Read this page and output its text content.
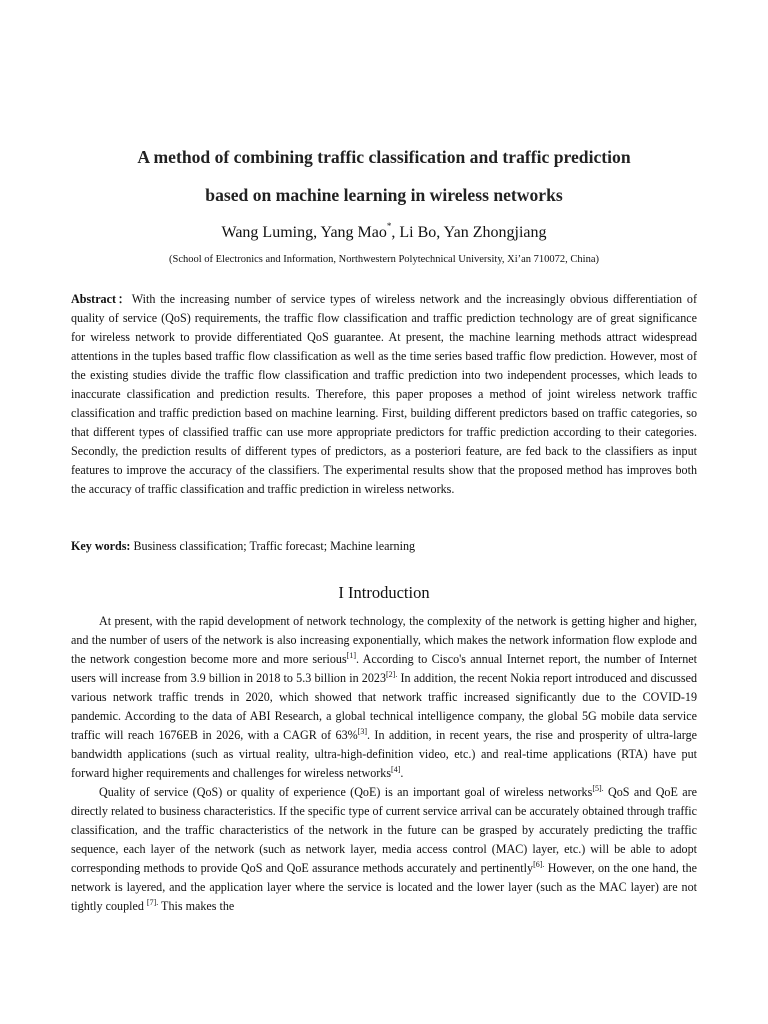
A method of combining traffic classification and traffic prediction
based on machine learning in wireless networks
Wang Luming, Yang Mao*, Li Bo, Yan Zhongjiang
(School of Electronics and Information, Northwestern Polytechnical University, Xi’an 710072, China)

Abstract：With the increasing number of service types of wireless network and the increasingly obvious differentiation of quality of service (QoS) requirements, the traffic flow classification and traffic prediction technology are of great significance for wireless network to provide differentiated QoS guarantee. At present, the machine learning methods attract widespread attentions in the tuples based traffic flow classification as well as the time series based traffic flow prediction. However, most of the existing studies divide the traffic flow classification and traffic prediction into two independent processes, which leads to inaccurate classification and prediction results. Therefore, this paper proposes a method of joint wireless network traffic classification and traffic prediction based on machine learning. First, building different predictors based on traffic categories, so that different types of classified traffic can use more appropriate predictors for traffic prediction according to their categories. Secondly, the prediction results of different types of predictors, as a posteriori feature, are fed back to the classifiers as input features to improve the accuracy of the classifiers. The experimental results show that the proposed method has improves both the accuracy of traffic classification and traffic prediction in wireless networks.

Key words: Business classification; Traffic forecast; Machine learning

I Introduction

At present, with the rapid development of network technology, the complexity of the network is getting higher and higher, and the number of users of the network is also increasing exponentially, which makes the network information flow explode and the network congestion become more and more serious[1]. According to Cisco's annual Internet report, the number of Internet users will increase from 3.9 billion in 2018 to 5.3 billion in $2023^{[2].}$ In addition, the recent Nokia report introduced and discussed various network traffic trends in 2020, which showed that network traffic increased significantly due to the COVID-19 pandemic. According to the data of ABI Research, a global technical intelligence company, the global 5G mobile data service traffic will reach 1676EB in 2026, with a CAGR of 63%[3]. In addition, in recent years, the rise and prosperity of ultra-large bandwidth applications (such as virtual reality, ultra-high-definition video, etc.) and real-time applications (RTA) have put forward higher requirements and challenges for wireless networks[4].

Quality of service (QoS) or quality of experience (QoE) is an important goal of wireless networks$^{[5].}$ QoS and QoE are directly related to business characteristics. If the specific type of current service arrival can be accurately obtained through traffic classification, and the traffic characteristics of the network in the future can be grasped by accurately predicting the traffic sequence, each layer of the network (such as network layer, media access control (MAC) layer, etc.) will be able to adopt corresponding methods to provide QoS and QoE assurance methods accurately and pertinently$^{[6].}$ However, on the one hand, the network is layered, and the application layer where the service is located and the lower layer (such as the MAC layer) are not tightly coupled $^{[7].}$ This makes the
